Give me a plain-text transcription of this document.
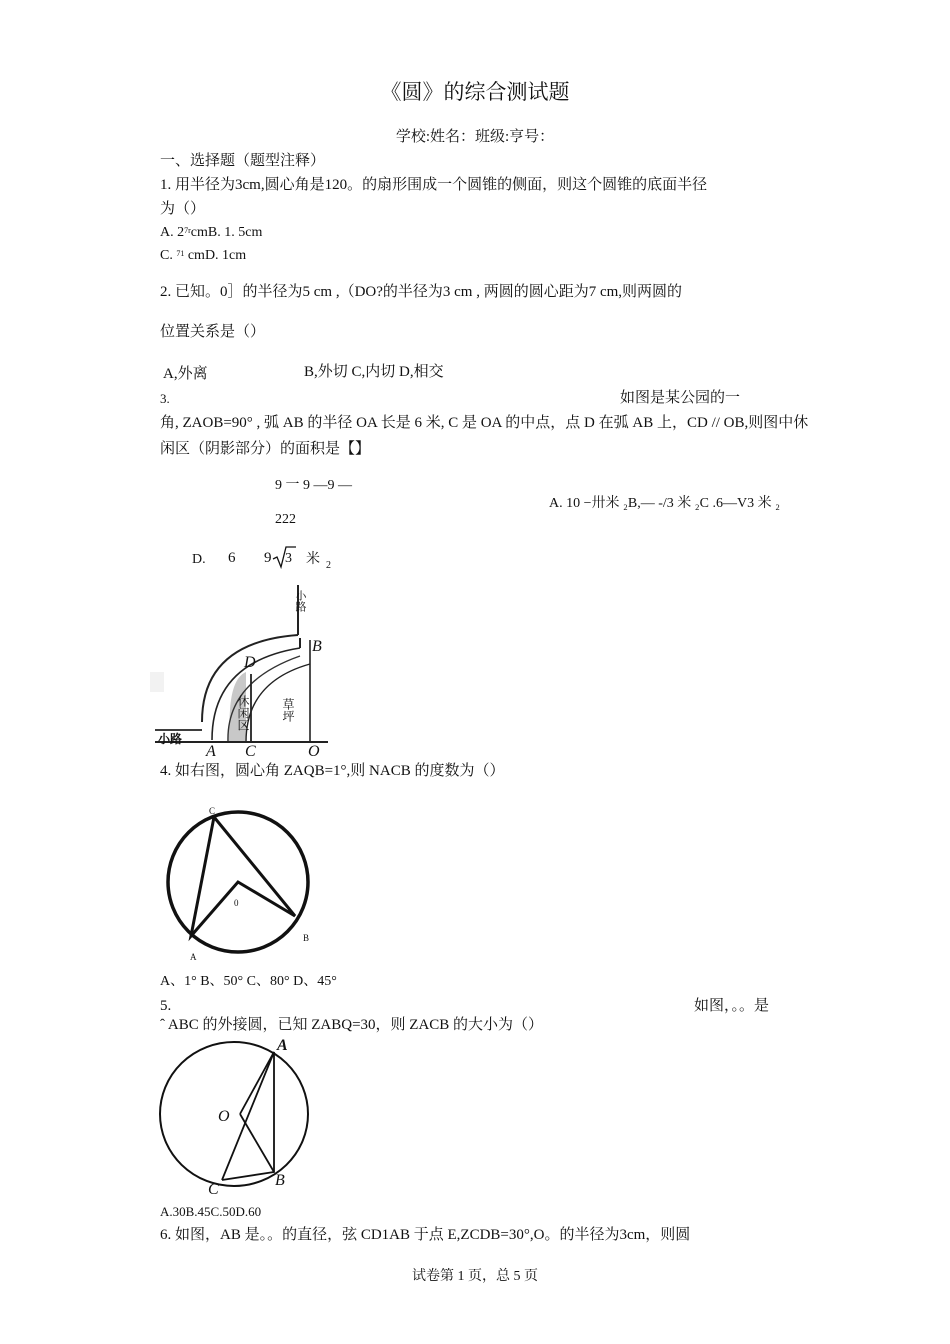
《圆》的综合测试题
学校:姓名：班级:亨号：
一、选择题（题型注释）
1. 用半径为3cm,圆心角是120。的扇形围成一个圆锥的侧面，则这个圆锥的底面半径
为（）
A. $2^{7r}cmB$. 1. 5cm
C. $^{71}$ cmD. 1cm
2. 已知。0］的半径为5 cm ,（DO?的半径为3 cm , 两圆的圆心距为7 cm,则两圆的
位置关系是（）
A,外离	B,外切 C,内切 D,相交
3.	如图是某公园的一
角, ZAOB=90° , 弧 AB 的半径 OA 长是 6 米, C 是 OA 的中点，点 D 在弧 AB 上，CD // OB,则图中休
闲区（阴影部分）的面积是【】
9 一 9 —9 —
A. 10 −卅米 ₂B,— -/3 米 ₂C .6—V3 米 ₂
222
D. 6 9 3 米 2
小路
小路
休闲区	草坪
A C	O
B
D
4. 如右图，圆心角 ZAQB=1°,则 NACB 的度数为（）
C
A
B
0
A、1° B、50° C、80° D、45°
5.	如图，。。是
ˆ ABC 的外接圆，已知 ZABQ=30，则 ZACB 的大小为（）
A
B
C
O
A.30B.45C.50D.60
6. 如图，AB 是。。的直径，弦 CD1AB 于点 E,ZCDB=30°,O。的半径为3cm，则圆
试卷第 1 页，总 5 页
